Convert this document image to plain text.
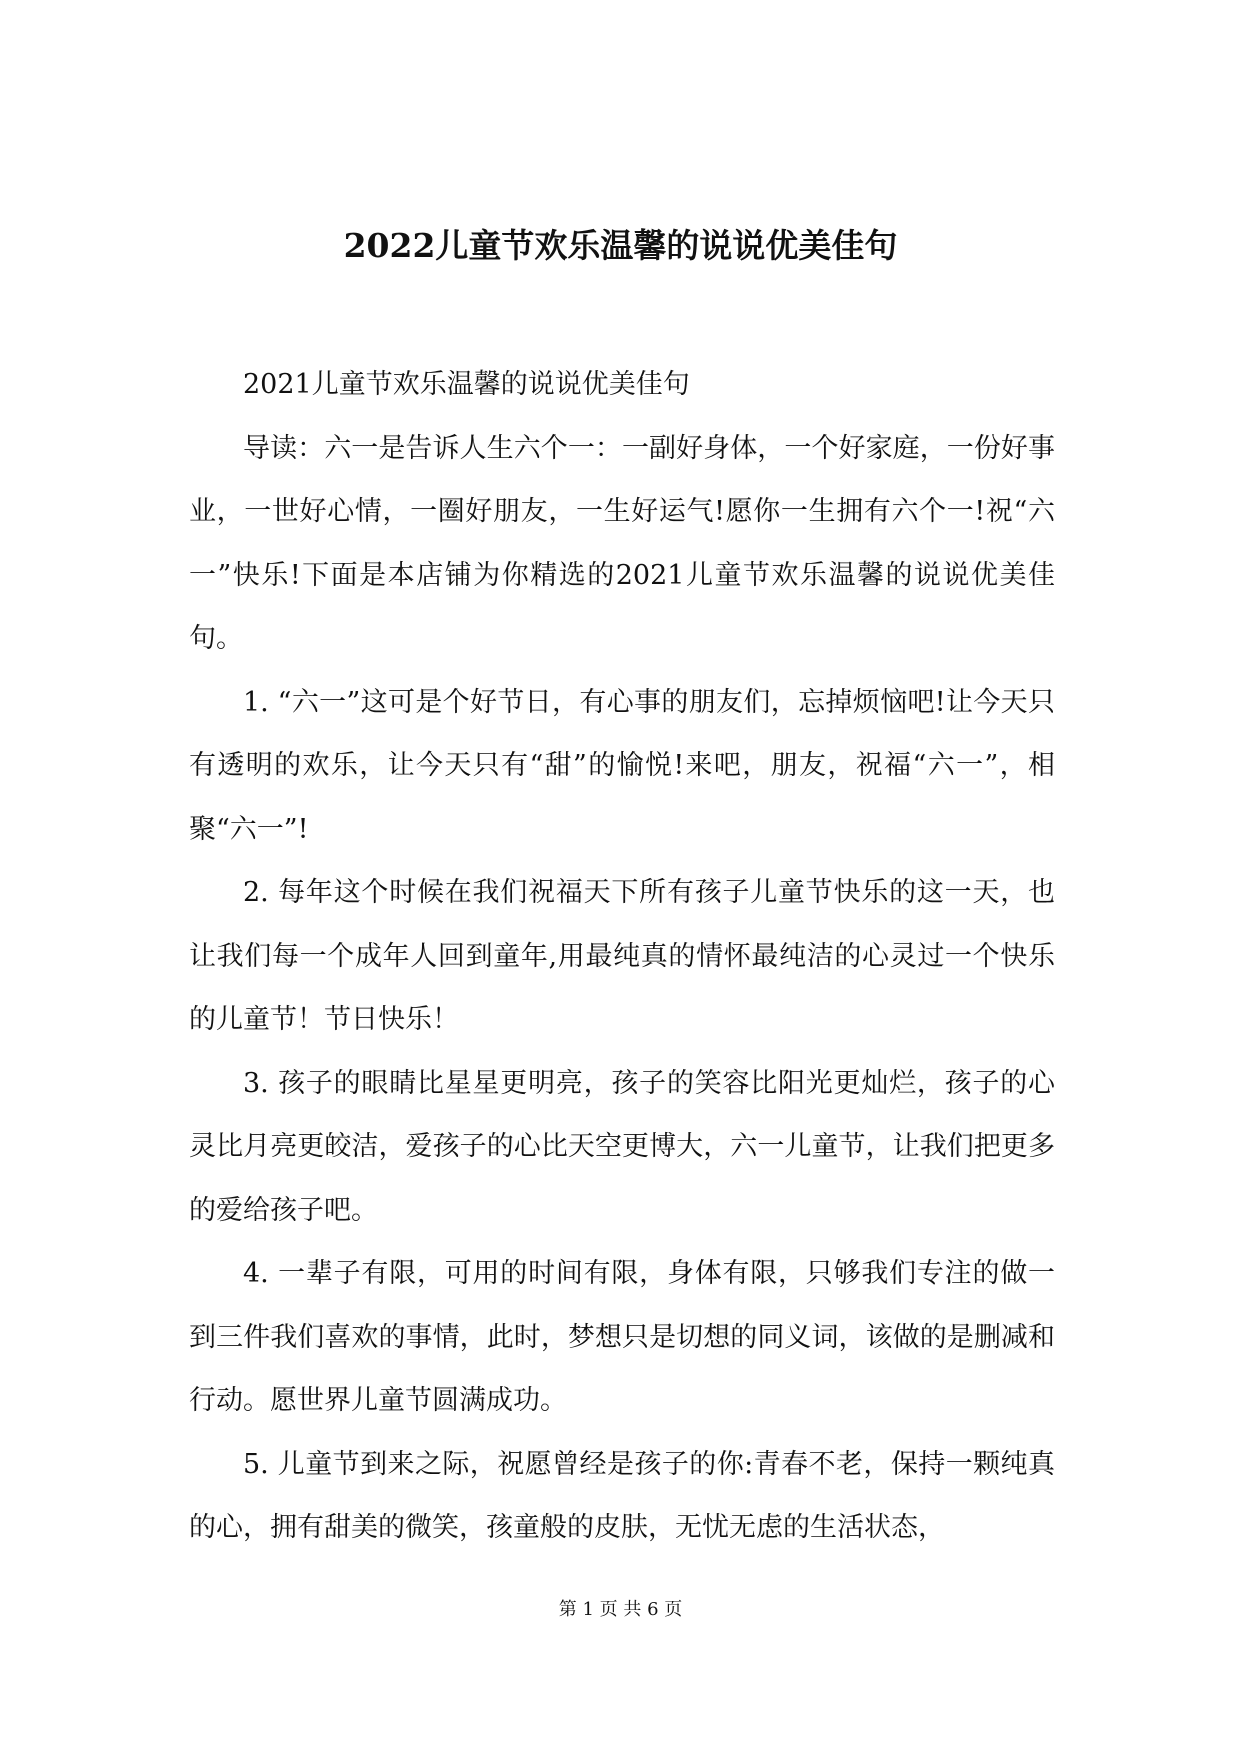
2022儿童节欢乐温馨的说说优美佳句

2021儿童节欢乐温馨的说说优美佳句

导读：六一是告诉人生六个一：一副好身体，一个好家庭，一份好事业，一世好心情，一圈好朋友，一生好运气!愿你一生拥有六个一!祝“六一”快乐!下面是本店铺为你精选的2021儿童节欢乐温馨的说说优美佳句。

1. “六一”这可是个好节日，有心事的朋友们，忘掉烦恼吧!让今天只有透明的欢乐，让今天只有“甜”的愉悦!来吧，朋友，祝福“六一”，相聚“六一”!

2. 每年这个时候在我们祝福天下所有孩子儿童节快乐的这一天，也让我们每一个成年人回到童年,用最纯真的情怀最纯洁的心灵过一个快乐的儿童节！节日快乐！

3. 孩子的眼睛比星星更明亮，孩子的笑容比阳光更灿烂，孩子的心灵比月亮更皎洁，爱孩子的心比天空更博大，六一儿童节，让我们把更多的爱给孩子吧。

4. 一辈子有限，可用的时间有限，身体有限，只够我们专注的做一到三件我们喜欢的事情，此时，梦想只是切想的同义词，该做的是删减和行动。愿世界儿童节圆满成功。

5. 儿童节到来之际，祝愿曾经是孩子的你:青春不老，保持一颗纯真的心，拥有甜美的微笑，孩童般的皮肤，无忧无虑的生活状态，

第 1 页 共 6 页
